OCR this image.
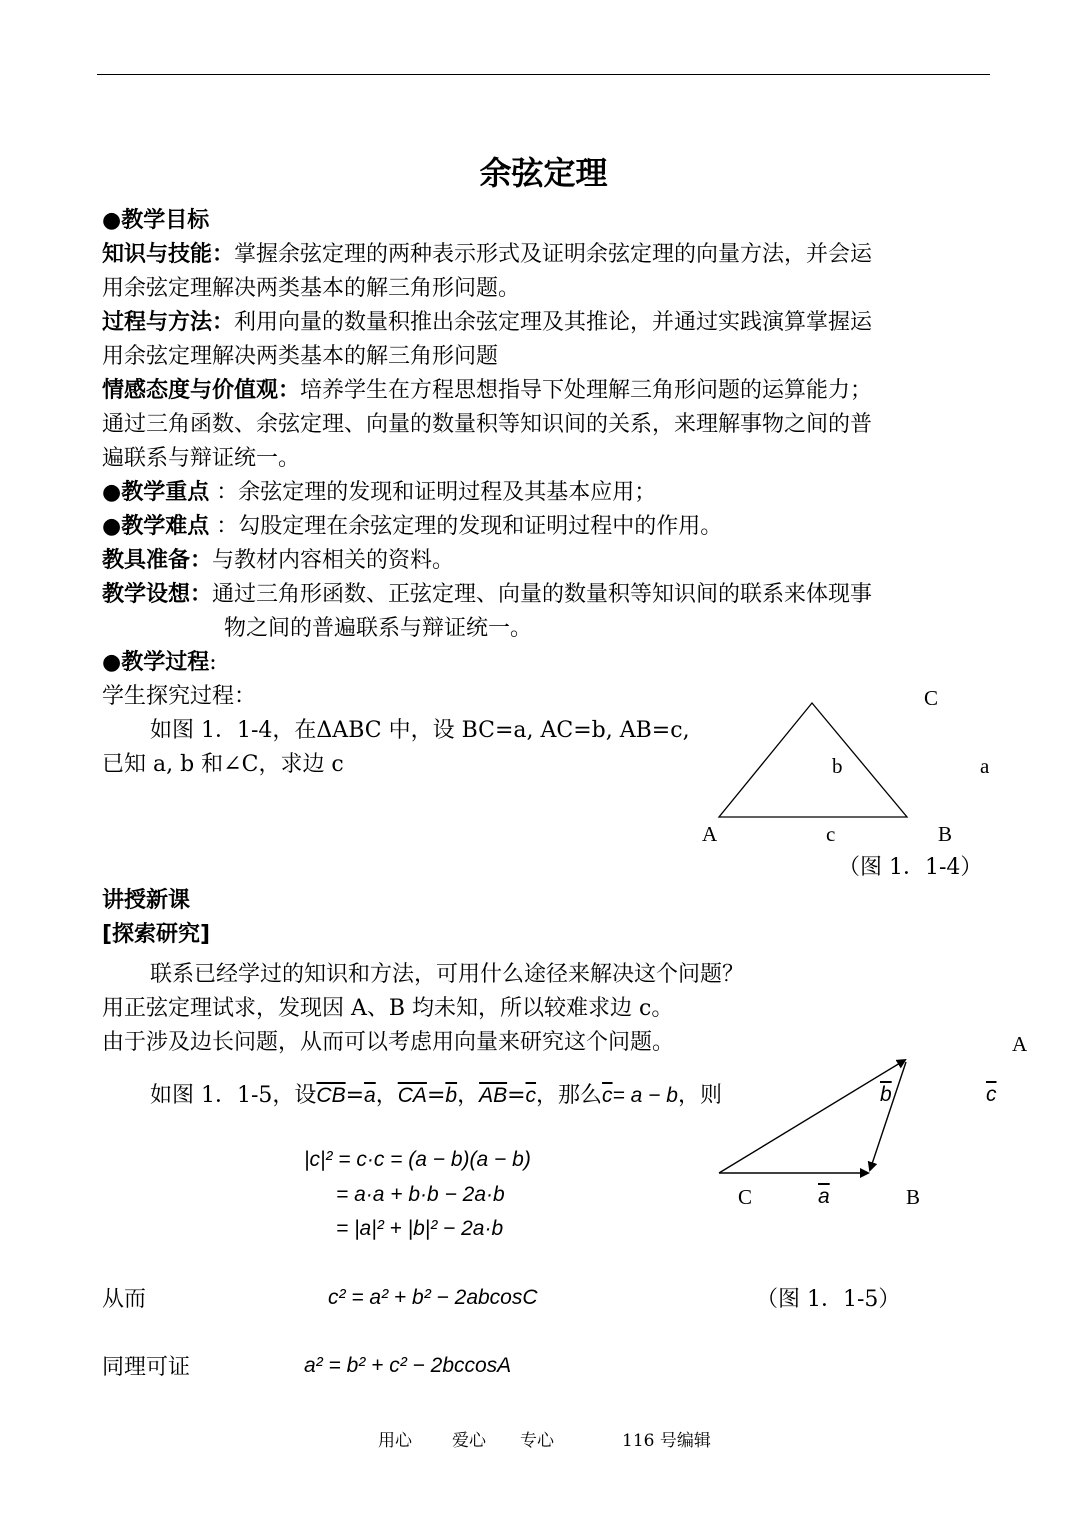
余弦定理
●教学目标
知识与技能：掌握余弦定理的两种表示形式及证明余弦定理的向量方法，并会运
用余弦定理解决两类基本的解三角形问题。
过程与方法：利用向量的数量积推出余弦定理及其推论，并通过实践演算掌握运
用余弦定理解决两类基本的解三角形问题
情感态度与价值观：培养学生在方程思想指导下处理解三角形问题的运算能力；
通过三角函数、余弦定理、向量的数量积等知识间的关系，来理解事物之间的普
遍联系与辩证统一。
●教学重点 ：余弦定理的发现和证明过程及其基本应用；
●教学难点 ：勾股定理在余弦定理的发现和证明过程中的作用。
教具准备：与教材内容相关的资料。
教学设想：通过三角形函数、正弦定理、向量的数量积等知识间的联系来体现事
物之间的普遍联系与辩证统一。
●教学过程:
学生探究过程：
如图 1．1-4，在ΔABC 中，设 BC=a, AC=b, AB=c,
已知 a, b 和∠C，求边 c
C
b	a
A	c	B
（图 1．1-4）
讲授新课
[探索研究]
联系已经学过的知识和方法，可用什么途径来解决这个问题？
用正弦定理试求，发现因 A、B 均未知，所以较难求边 c。
由于涉及边长问题，从而可以考虑用向量来研究这个问题。
如图 1．1-5，设$\overline{CB}=\overline{a}$，$\overline{CA}=\overline{b}$，$\overline{AB}=\overline{c}$，那么$\overline{c}= a - b$，则
A
$\overline{b}$	$\overline{c}$
C	$\overline{a}$	B
|c|² = c·c = (a − b)(a − b)
= a·a + b·b − 2a·b
= |a|² + |b|² − 2a·b
从而	c² = a² + b² − 2abcosC	（图 1．1-5）
同理可证	a² = b² + c² − 2bccosA
用心 爱心 专心	116 号编辑
